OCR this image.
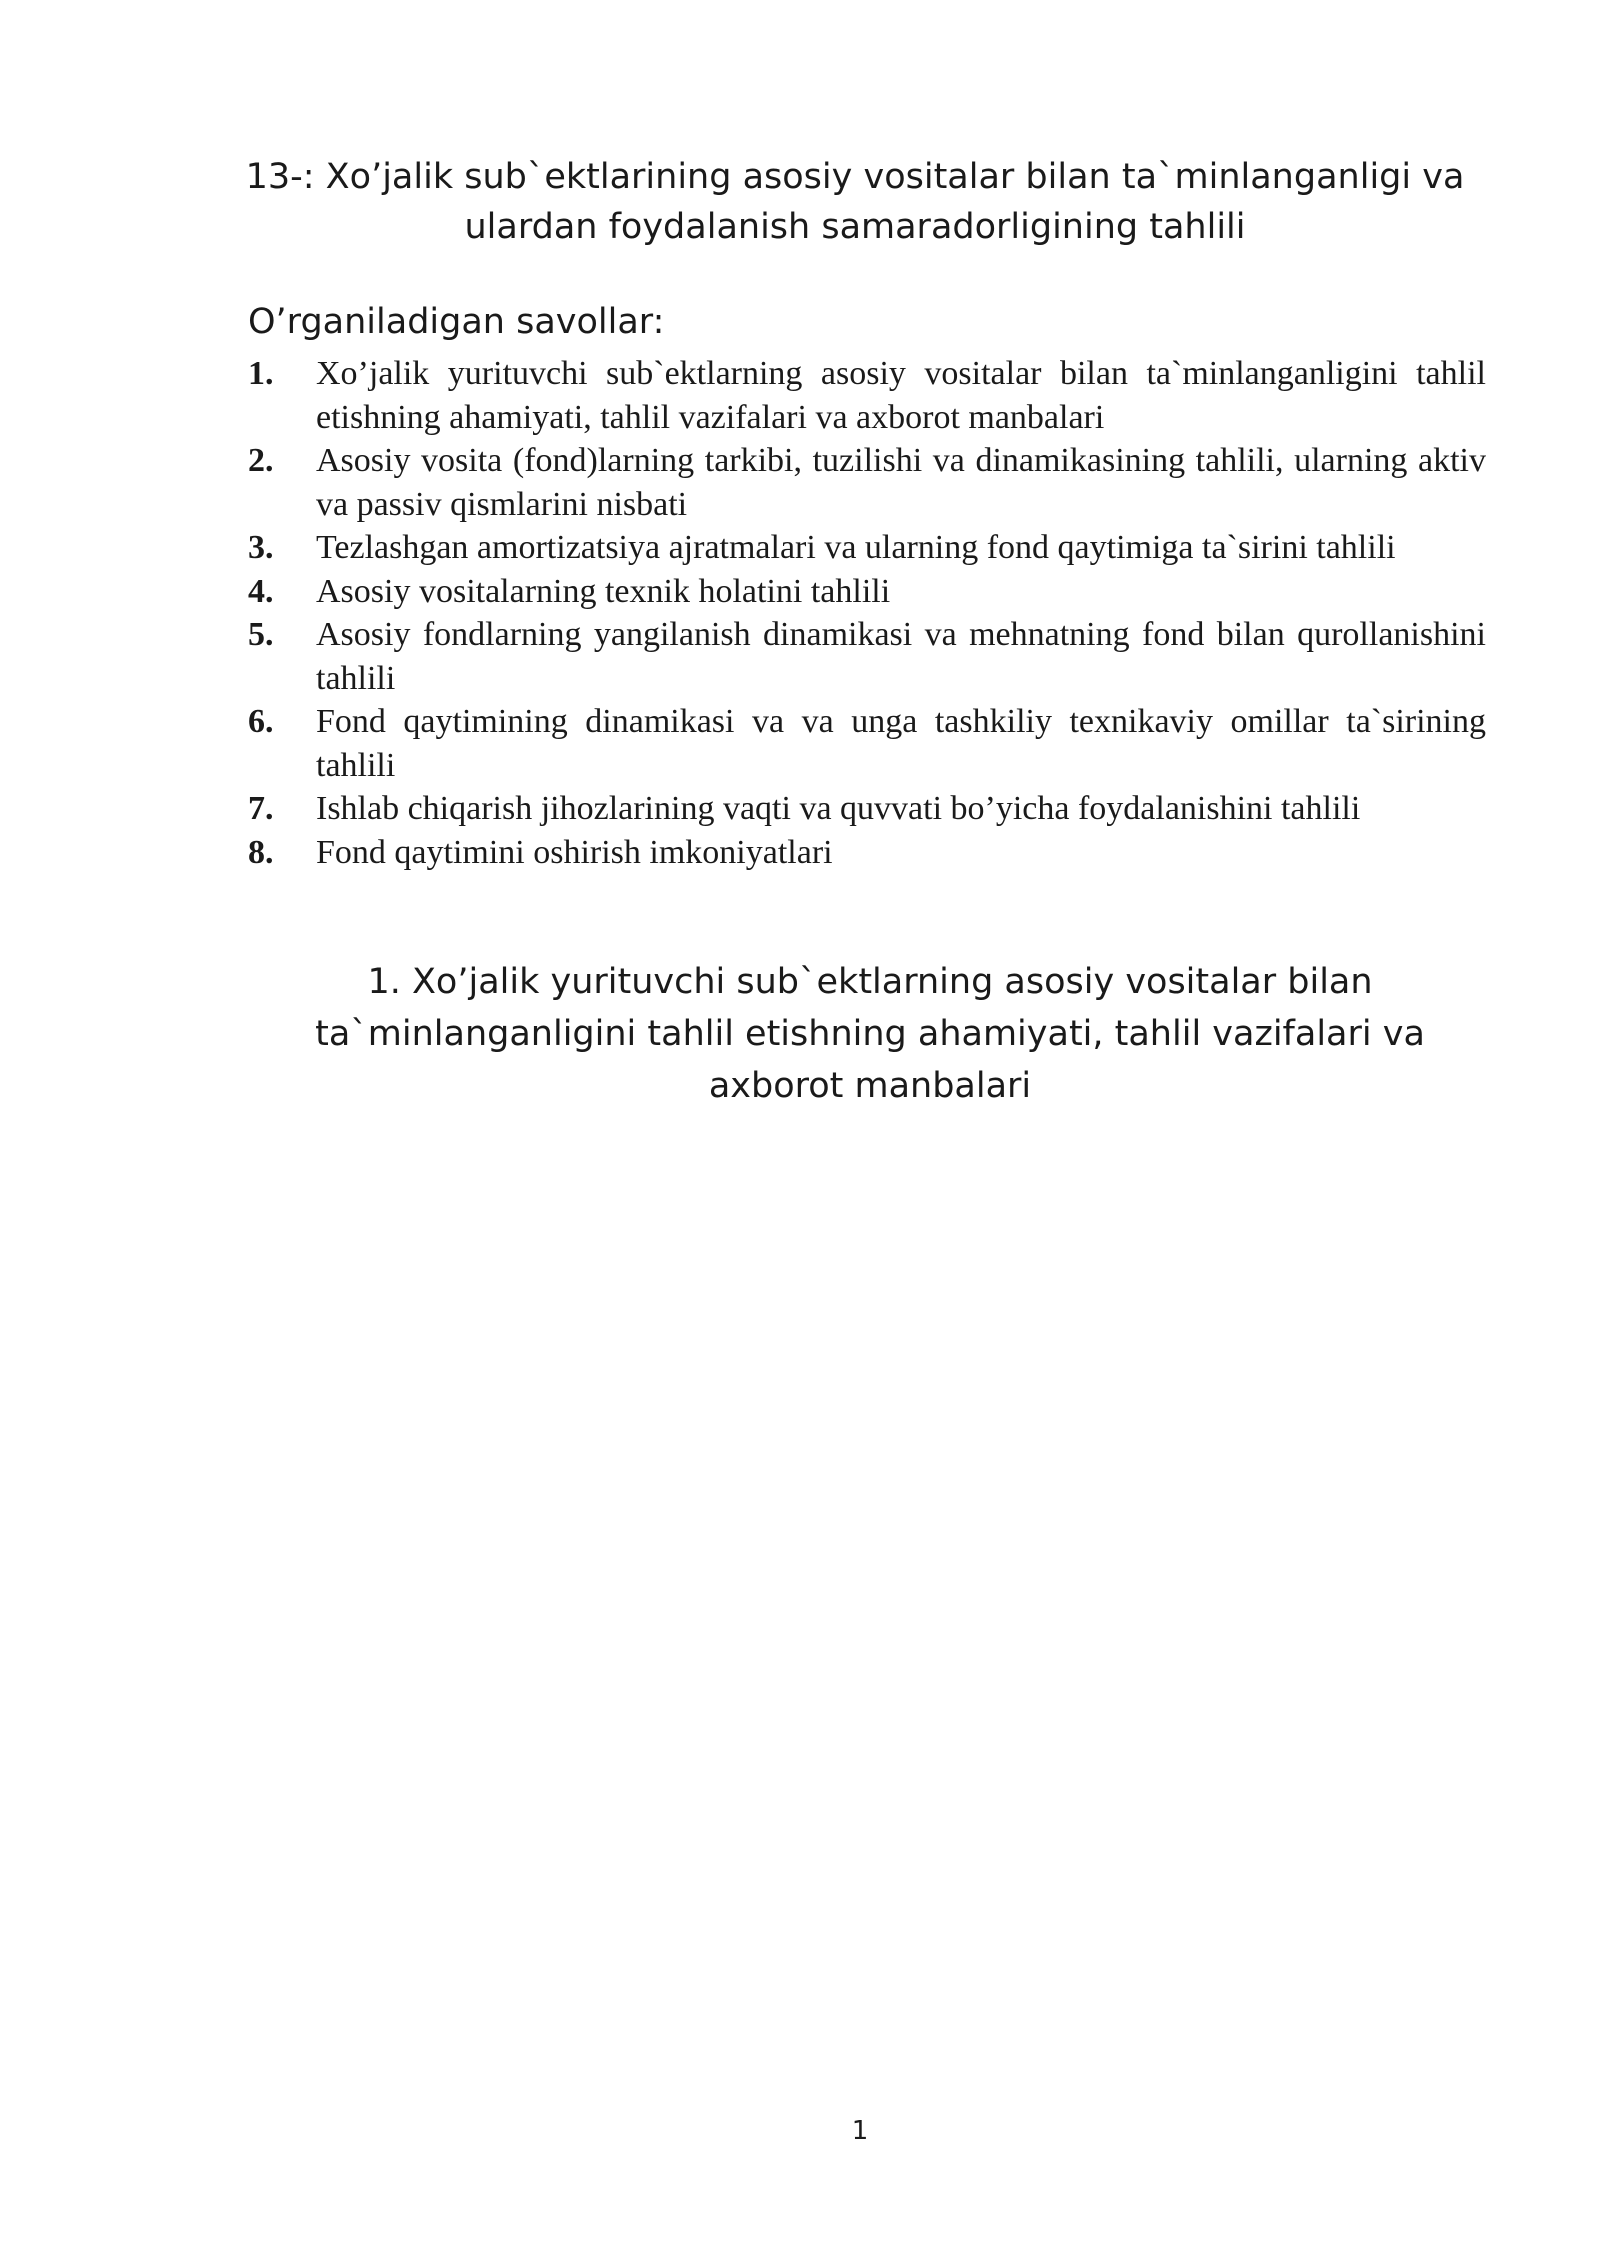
13-: Xo’jalik sub`ektlarining asosiy vositalar bilan ta`minlanganligi va ulardan foydalanish samaradorligining tahlili
O’rganiladigan savollar:
1.	Xo’jalik yurituvchi sub`ektlarning asosiy vositalar bilan ta`minlanganligini tahlil etishning ahamiyati, tahlil vazifalari va axborot manbalari
2.	Asosiy vosita (fond)larning tarkibi, tuzilishi va dinamikasining tahlili, ularning aktiv va passiv qismlarini nisbati
3.	Tezlashgan amortizatsiya ajratmalari va ularning fond qaytimiga ta`sirini tahlili
4.	Asosiy vositalarning texnik holatini tahlili
5.	Asosiy fondlarning yangilanish dinamikasi va mehnatning fond bilan qurollanishini tahlili
6.	Fond qaytimining dinamikasi va va unga tashkiliy texnikaviy omillar ta`sirining tahlili
7.	Ishlab chiqarish jihozlarining vaqti va quvvati bo’yicha foydalanishini tahlili
8.	Fond qaytimini oshirish imkoniyatlari
1. Xo’jalik yurituvchi sub`ektlarning asosiy vositalar bilan ta`minlanganligini tahlil etishning ahamiyati, tahlil vazifalari va axborot manbalari
1
